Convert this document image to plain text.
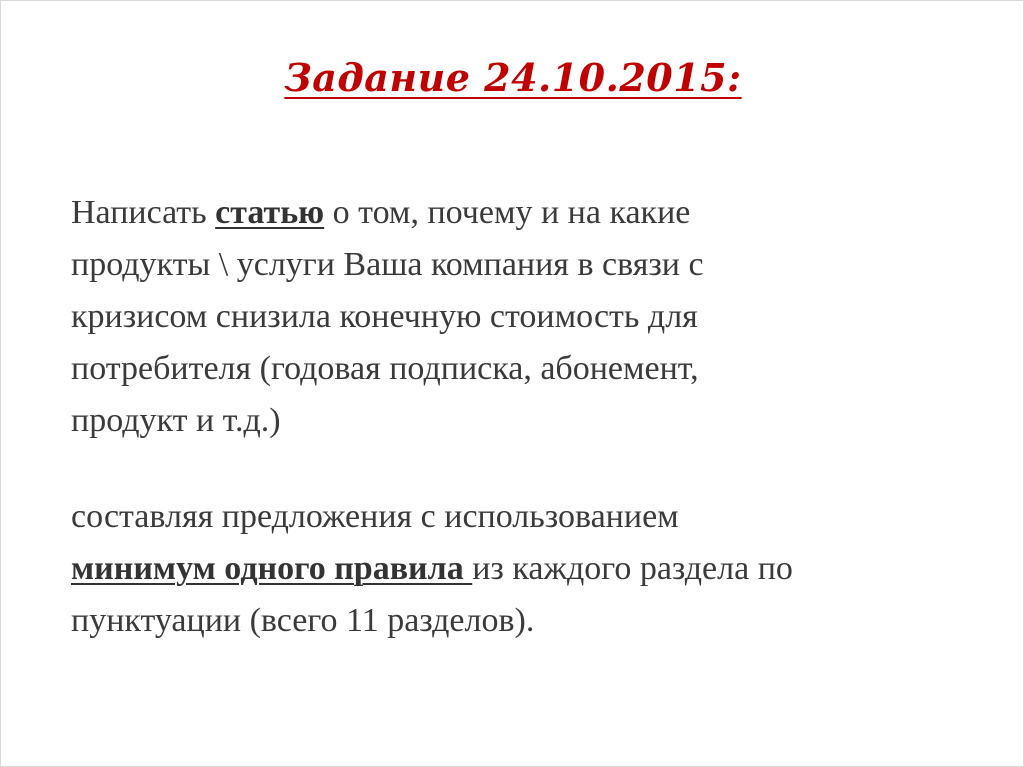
Задание 24.10.2015:

Написать статью о том, почему и на какие
продукты \ услуги Ваша компания в связи с
кризисом снизила конечную стоимость для
потребителя (годовая подписка, абонемент,
продукт и т.д.)

составляя предложения с использованием
минимум одного правила из каждого раздела по
пунктуации (всего 11 разделов).
